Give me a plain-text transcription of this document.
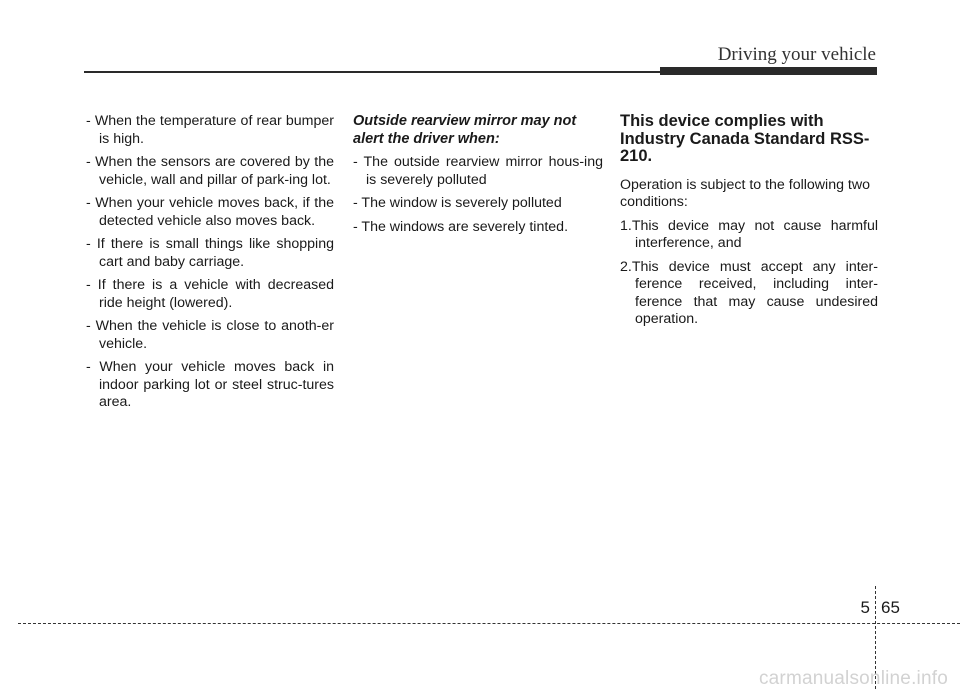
Driving your vehicle

- When the temperature of rear bumper is high.

- When the sensors are covered by the vehicle, wall and pillar of park-ing lot.

- When your vehicle moves back, if the detected vehicle also moves back.

- If there is small things like shopping cart and baby carriage.

- If there is a vehicle with decreased ride height (lowered).

- When the vehicle is close to anoth-er vehicle.

- When your vehicle moves back in indoor parking lot or steel struc-tures area.

Outside rearview mirror may not alert the driver when:

- The outside rearview mirror hous-ing is severely polluted

- The window is severely polluted

- The windows are severely tinted.

This device complies with Industry Canada Standard RSS-210.

Operation is subject to the following two conditions:

1.This device may not cause harmful interference, and

2.This device must accept any inter-ference received, including inter-ference that may cause undesired operation.

5 65
carmanualsonline.info
